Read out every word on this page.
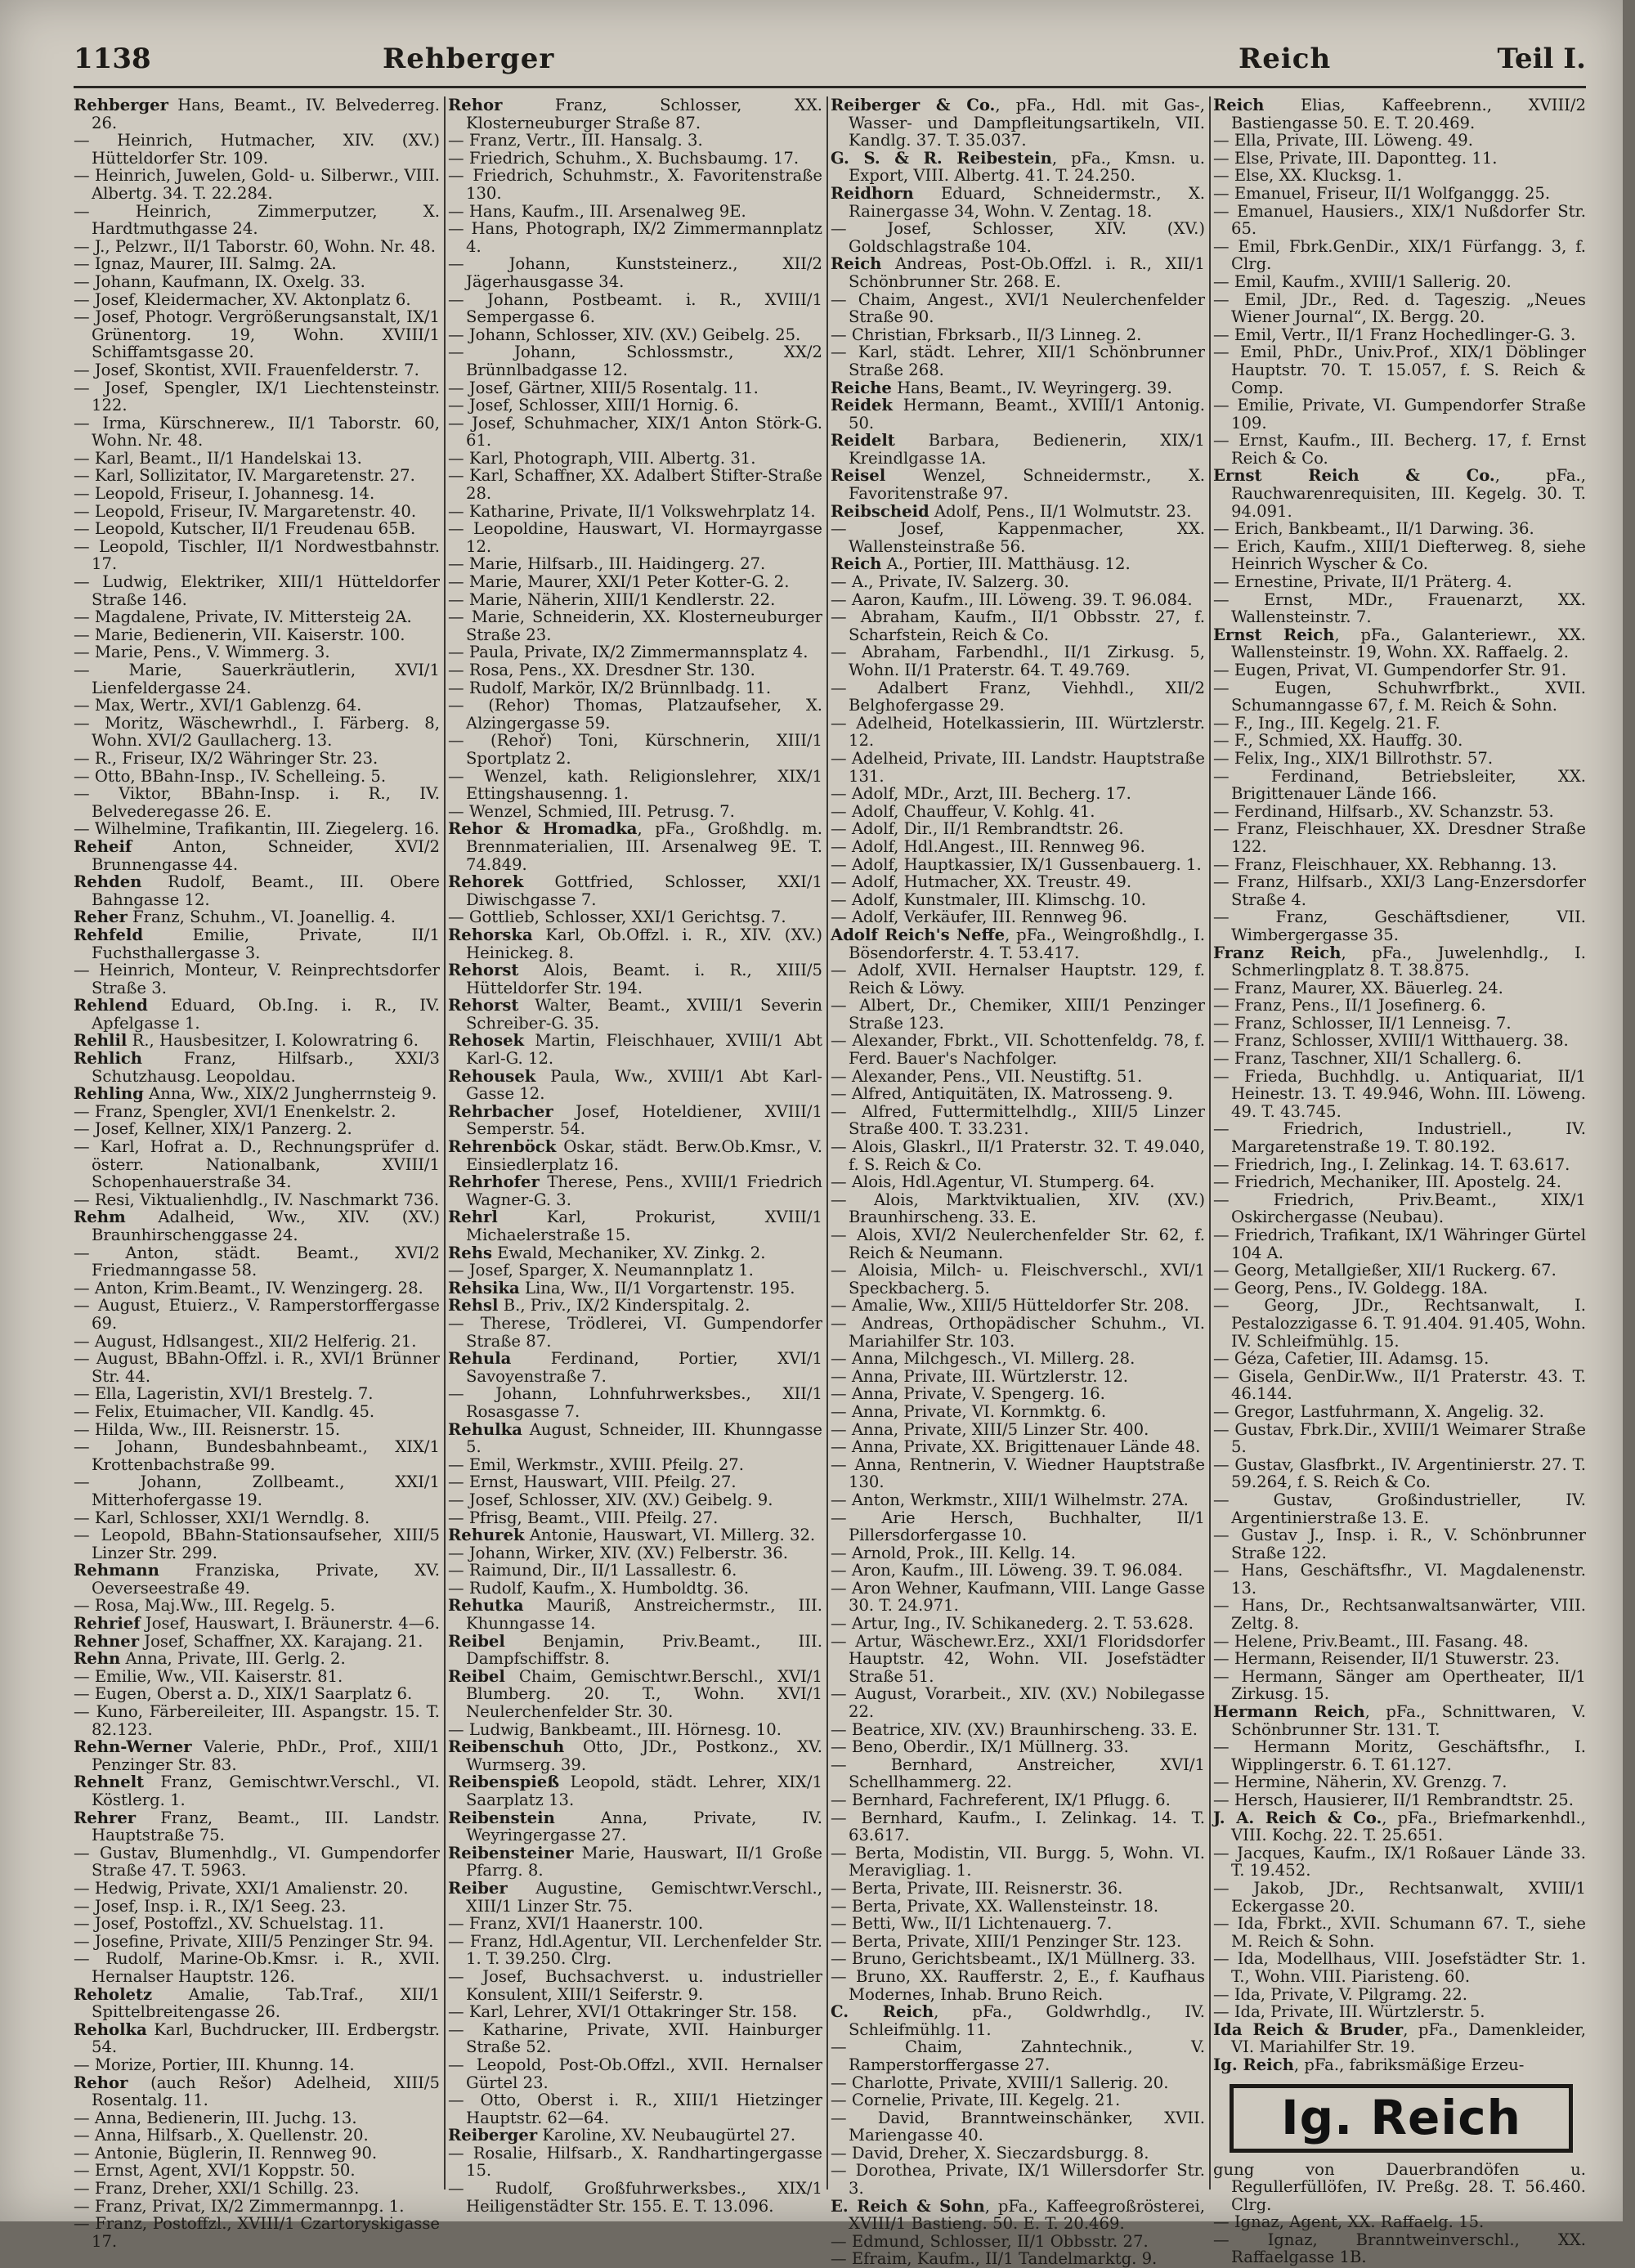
1138	Rehberger	Reich	Teil I.

Rehberger Hans, Beamt., IV. Belvederreg. 26.

— Heinrich, Hutmacher, XIV. (XV.) Hütteldorfer Str. 109.

— Heinrich, Juwelen, Gold- u. Silberwr., VIII. Albertg. 34. T. 22.284.

— Heinrich, Zimmerputzer, X. Hardtmuthgasse 24.

— J., Pelzwr., II/1 Taborstr. 60, Wohn. Nr. 48.

— Ignaz, Maurer, III. Salmg. 2A.

— Johann, Kaufmann, IX. Oxelg. 33.

— Josef, Kleidermacher, XV. Aktonplatz 6.

— Josef, Photogr. Vergrößerungsanstalt, IX/1 Grünentorg. 19, Wohn. XVIII/1 Schiffamtsgasse 20.

— Josef, Skontist, XVII. Frauenfelderstr. 7.

— Josef, Spengler, IX/1 Liechtensteinstr. 122.

— Irma, Kürschnerew., II/1 Taborstr. 60, Wohn. Nr. 48.

— Karl, Beamt., II/1 Handelskai 13.

— Karl, Sollizitator, IV. Margaretenstr. 27.

— Leopold, Friseur, I. Johannesg. 14.

— Leopold, Friseur, IV. Margaretenstr. 40.

— Leopold, Kutscher, II/1 Freudenau 65B.

— Leopold, Tischler, II/1 Nordwestbahnstr. 17.

— Ludwig, Elektriker, XIII/1 Hütteldorfer Straße 146.

— Magdalene, Private, IV. Mittersteig 2A.

— Marie, Bedienerin, VII. Kaiserstr. 100.

— Marie, Pens., V. Wimmerg. 3.

— Marie, Sauerkräutlerin, XVI/1 Lienfeldergasse 24.

— Max, Wertr., XVI/1 Gablenzg. 64.

— Moritz, Wäschewrhdl., I. Färberg. 8, Wohn. XVI/2 Gaullacherg. 13.

— R., Friseur, IX/2 Währinger Str. 23.

— Otto, BBahn-Insp., IV. Schelleing. 5.

— Viktor, BBahn-Insp. i. R., IV. Belvederegasse 26. E.

— Wilhelmine, Trafikantin, III. Ziegelerg. 16.

Reheif Anton, Schneider, XVI/2 Brunnengasse 44.

Rehden Rudolf, Beamt., III. Obere Bahngasse 12.

Reher Franz, Schuhm., VI. Joanellig. 4.

Rehfeld Emilie, Private, II/1 Fuchsthallergasse 3.

— Heinrich, Monteur, V. Reinprechtsdorfer Straße 3.

Rehlend Eduard, Ob.Ing. i. R., IV. Apfelgasse 1.

Rehlil R., Hausbesitzer, I. Kolowratring 6.

Rehlich Franz, Hilfsarb., XXI/3 Schutzhausg. Leopoldau.

Rehling Anna, Ww., XIX/2 Jungherrnsteig 9.

— Franz, Spengler, XVI/1 Enenkelstr. 2.

— Josef, Kellner, XIX/1 Panzerg. 2.

— Karl, Hofrat a. D., Rechnungsprüfer d. österr. Nationalbank, XVIII/1 Schopenhauerstraße 34.

— Resi, Viktualienhdlg., IV. Naschmarkt 736.

Rehm Adalheid, Ww., XIV. (XV.) Braunhirschenggasse 24.

— Anton, städt. Beamt., XVI/2 Friedmanngasse 58.

— Anton, Krim.Beamt., IV. Wenzingerg. 28.

— August, Etuierz., V. Ramperstorffergasse 69.

— August, Hdlsangest., XII/2 Helferig. 21.

— August, BBahn-Offzl. i. R., XVI/1 Brünner Str. 44.

— Ella, Lageristin, XVI/1 Brestelg. 7.

— Felix, Etuimacher, VII. Kandlg. 45.

— Hilda, Ww., III. Reisnerstr. 15.

— Johann, Bundesbahnbeamt., XIX/1 Krottenbachstraße 99.

— Johann, Zollbeamt., XXI/1 Mitterhofergasse 19.

— Karl, Schlosser, XXI/1 Werndlg. 8.

— Leopold, BBahn-Stationsaufseher, XIII/5 Linzer Str. 299.

Rehmann Franziska, Private, XV. Oeverseestraße 49.

— Rosa, Maj.Ww., III. Regelg. 5.

Rehrief Josef, Hauswart, I. Bräunerstr. 4—6.

Rehner Josef, Schaffner, XX. Karajang. 21.

Rehn Anna, Private, III. Gerlg. 2.

— Emilie, Ww., VII. Kaiserstr. 81.

— Eugen, Oberst a. D., XIX/1 Saarplatz 6.

— Kuno, Färbereileiter, III. Aspangstr. 15. T. 82.123.

Rehn-Werner Valerie, PhDr., Prof., XIII/1 Penzinger Str. 83.

Rehnelt Franz, Gemischtwr.Verschl., VI. Köstlerg. 1.

Rehrer Franz, Beamt., III. Landstr. Hauptstraße 75.

— Gustav, Blumenhdlg., VI. Gumpendorfer Straße 47. T. 5963.

— Hedwig, Private, XXI/1 Amalienstr. 20.

— Josef, Insp. i. R., IX/1 Seeg. 23.

— Josef, Postoffzl., XV. Schuelstag. 11.

— Josefine, Private, XIII/5 Penzinger Str. 94.

— Rudolf, Marine-Ob.Kmsr. i. R., XVII. Hernalser Hauptstr. 126.

Reholetz Amalie, Tab.Traf., XII/1 Spittelbreitengasse 26.

Reholka Karl, Buchdrucker, III. Erdbergstr. 54.

— Morize, Portier, III. Khunng. 14.

Rehor (auch Rešor) Adelheid, XIII/5 Rosentalg. 11.

— Anna, Bedienerin, III. Juchg. 13.

— Anna, Hilfsarb., X. Quellenstr. 20.

— Antonie, Büglerin, II. Rennweg 90.

— Ernst, Agent, XVI/1 Koppstr. 50.

— Franz, Dreher, XXI/1 Schillg. 23.

— Franz, Privat, IX/2 Zimmermannpg. 1.

— Franz, Postoffzl., XVIII/1 Czartoryskigasse 17.

Rehor Franz, Schlosser, XX. Klosterneuburger Straße 87.

— Franz, Vertr., III. Hansalg. 3.

— Friedrich, Schuhm., X. Buchsbaumg. 17.

— Friedrich, Schuhmstr., X. Favoritenstraße 130.

— Hans, Kaufm., III. Arsenalweg 9E.

— Hans, Photograph, IX/2 Zimmermannplatz 4.

— Johann, Kunststeinerz., XII/2 Jägerhausgasse 34.

— Johann, Postbeamt. i. R., XVIII/1 Sempergasse 6.

— Johann, Schlosser, XIV. (XV.) Geibelg. 25.

— Johann, Schlossmstr., XX/2 Brünnlbadgasse 12.

— Josef, Gärtner, XIII/5 Rosentalg. 11.

— Josef, Schlosser, XIII/1 Hornig. 6.

— Josef, Schuhmacher, XIX/1 Anton Störk-G. 61.

— Karl, Photograph, VIII. Albertg. 31.

— Karl, Schaffner, XX. Adalbert Stifter-Straße 28.

— Katharine, Private, II/1 Volkswehrplatz 14.

— Leopoldine, Hauswart, VI. Hormayrgasse 12.

— Marie, Hilfsarb., III. Haidingerg. 27.

— Marie, Maurer, XXI/1 Peter Kotter-G. 2.

— Marie, Näherin, XIII/1 Kendlerstr. 22.

— Marie, Schneiderin, XX. Klosterneuburger Straße 23.

— Paula, Private, IX/2 Zimmermannsplatz 4.

— Rosa, Pens., XX. Dresdner Str. 130.

— Rudolf, Markör, IX/2 Brünnlbadg. 11.

— (Rehor) Thomas, Platzaufseher, X. Alzingergasse 59.

— (Rehoř) Toni, Kürschnerin, XIII/1 Sportplatz 2.

— Wenzel, kath. Religionslehrer, XIX/1 Ettingshausenng. 1.

— Wenzel, Schmied, III. Petrusg. 7.

Rehor & Hromadka, pFa., Großhdlg. m. Brennmaterialien, III. Arsenalweg 9E. T. 74.849.

Rehorek Gottfried, Schlosser, XXI/1 Diwischgasse 7.

— Gottlieb, Schlosser, XXI/1 Gerichtsg. 7.

Rehorska Karl, Ob.Offzl. i. R., XIV. (XV.) Heinickeg. 8.

Rehorst Alois, Beamt. i. R., XIII/5 Hütteldorfer Str. 194.

Rehorst Walter, Beamt., XVIII/1 Severin Schreiber-G. 35.

Rehosek Martin, Fleischhauer, XVIII/1 Abt Karl-G. 12.

Rehousek Paula, Ww., XVIII/1 Abt Karl-Gasse 12.

Rehrbacher Josef, Hoteldiener, XVIII/1 Semperstr. 54.

Rehrenböck Oskar, städt. Berw.Ob.Kmsr., V. Einsiedlerplatz 16.

Rehrhofer Therese, Pens., XVIII/1 Friedrich Wagner-G. 3.

Rehrl Karl, Prokurist, XVIII/1 Michaelerstraße 15.

Rehs Ewald, Mechaniker, XV. Zinkg. 2.

— Josef, Sparger, X. Neumannplatz 1.

Rehsika Lina, Ww., II/1 Vorgartenstr. 195.

Rehsl B., Priv., IX/2 Kinderspitalg. 2.

— Therese, Trödlerei, VI. Gumpendorfer Straße 87.

Rehula Ferdinand, Portier, XVI/1 Savoyenstraße 7.

— Johann, Lohnfuhrwerksbes., XII/1 Rosasgasse 7.

Rehulka August, Schneider, III. Khunngasse 5.

— Emil, Werkmstr., XVIII. Pfeilg. 27.

— Ernst, Hauswart, VIII. Pfeilg. 27.

— Josef, Schlosser, XIV. (XV.) Geibelg. 9.

— Pfrisg, Beamt., VIII. Pfeilg. 27.

Rehurek Antonie, Hauswart, VI. Millerg. 32.

— Johann, Wirker, XIV. (XV.) Felberstr. 36.

— Raimund, Dir., II/1 Lassallestr. 6.

— Rudolf, Kaufm., X. Humboldtg. 36.

Rehutka Mauriß, Anstreichermstr., III. Khunngasse 14.

Reibel Benjamin, Priv.Beamt., III. Dampfschiffstr. 8.

Reibel Chaim, Gemischtwr.Berschl., XVI/1 Blumberg. 20. T., Wohn. XVI/1 Neulerchenfelder Str. 30.

— Ludwig, Bankbeamt., III. Hörnesg. 10.

Reibenschuh Otto, JDr., Postkonz., XV. Wurmserg. 39.

Reibenspieß Leopold, städt. Lehrer, XIX/1 Saarplatz 13.

Reibenstein Anna, Private, IV. Weyringergasse 27.

Reibensteiner Marie, Hauswart, II/1 Große Pfarrg. 8.

Reiber Augustine, Gemischtwr.Verschl., XIII/1 Linzer Str. 75.

— Franz, XVI/1 Haanerstr. 100.

— Franz, Hdl.Agentur, VII. Lerchenfelder Str. 1. T. 39.250. Clrg.

— Josef, Buchsachverst. u. industrieller Konsulent, XIII/1 Seiferstr. 9.

— Karl, Lehrer, XVI/1 Ottakringer Str. 158.

— Katharine, Private, XVII. Hainburger Straße 52.

— Leopold, Post-Ob.Offzl., XVII. Hernalser Gürtel 23.

— Otto, Oberst i. R., XIII/1 Hietzinger Hauptstr. 62—64.

Reiberger Karoline, XV. Neubaugürtel 27.

— Rosalie, Hilfsarb., X. Randhartingergasse 15.

— Rudolf, Großfuhrwerksbes., XIX/1 Heiligenstädter Str. 155. E. T. 13.096.

Reiberger & Co., pFa., Hdl. mit Gas-, Wasser- und Dampfleitungsartikeln, VII. Kandlg. 37. T. 35.037.

G. S. & R. Reibestein, pFa., Kmsn. u. Export, VIII. Albertg. 41. T. 24.250.

Reidhorn Eduard, Schneidermstr., X. Rainergasse 34, Wohn. V. Zentag. 18.

— Josef, Schlosser, XIV. (XV.) Goldschlagstraße 104.

Reich Andreas, Post-Ob.Offzl. i. R., XII/1 Schönbrunner Str. 268. E.

— Chaim, Angest., XVI/1 Neulerchenfelder Straße 90.

— Christian, Fbrksarb., II/3 Linneg. 2.

— Karl, städt. Lehrer, XII/1 Schönbrunner Straße 268.

Reiche Hans, Beamt., IV. Weyringerg. 39.

Reidek Hermann, Beamt., XVIII/1 Antonig. 50.

Reidelt Barbara, Bedienerin, XIX/1 Kreindlgasse 1A.

Reisel Wenzel, Schneidermstr., X. Favoritenstraße 97.

Reibscheid Adolf, Pens., II/1 Wolmutstr. 23.

— Josef, Kappenmacher, XX. Wallensteinstraße 56.

Reich A., Portier, III. Matthäusg. 12.

— A., Private, IV. Salzerg. 30.

— Aaron, Kaufm., III. Löweng. 39. T. 96.084.

— Abraham, Kaufm., II/1 Obbsstr. 27, f. Scharfstein, Reich & Co.

— Abraham, Farbendhl., II/1 Zirkusg. 5, Wohn. II/1 Praterstr. 64. T. 49.769.

— Adalbert Franz, Viehhdl., XII/2 Belghofergasse 29.

— Adelheid, Hotelkassierin, III. Würtzlerstr. 12.

— Adelheid, Private, III. Landstr. Hauptstraße 131.

— Adolf, MDr., Arzt, III. Becherg. 17.

— Adolf, Chauffeur, V. Kohlg. 41.

— Adolf, Dir., II/1 Rembrandtstr. 26.

— Adolf, Hdl.Angest., III. Rennweg 96.

— Adolf, Hauptkassier, IX/1 Gussenbauerg. 1.

— Adolf, Hutmacher, XX. Treustr. 49.

— Adolf, Kunstmaler, III. Klimschg. 10.

— Adolf, Verkäufer, III. Rennweg 96.

Adolf Reich's Neffe, pFa., Weingroßhdlg., I. Bösendorferstr. 4. T. 53.417.

— Adolf, XVII. Hernalser Hauptstr. 129, f. Reich & Löwy.

— Albert, Dr., Chemiker, XIII/1 Penzinger Straße 123.

— Alexander, Fbrkt., VII. Schottenfeldg. 78, f. Ferd. Bauer's Nachfolger.

— Alexander, Pens., VII. Neustiftg. 51.

— Alfred, Antiquitäten, IX. Matrosseng. 9.

— Alfred, Futtermittelhdlg., XIII/5 Linzer Straße 400. T. 33.231.

— Alois, Glaskrl., II/1 Praterstr. 32. T. 49.040, f. S. Reich & Co.

— Alois, Hdl.Agentur, VI. Stumperg. 64.

— Alois, Marktviktualien, XIV. (XV.) Braunhirscheng. 33. E.

— Alois, XVI/2 Neulerchenfelder Str. 62, f. Reich & Neumann.

— Aloisia, Milch- u. Fleischverschl., XVI/1 Speckbacherg. 5.

— Amalie, Ww., XIII/5 Hütteldorfer Str. 208.

— Andreas, Orthopädischer Schuhm., VI. Mariahilfer Str. 103.

— Anna, Milchgesch., VI. Millerg. 28.

— Anna, Private, III. Würtzlerstr. 12.

— Anna, Private, V. Spengerg. 16.

— Anna, Private, VI. Kornmktg. 6.

— Anna, Private, XIII/5 Linzer Str. 400.

— Anna, Private, XX. Brigittenauer Lände 48.

— Anna, Rentnerin, V. Wiedner Hauptstraße 130.

— Anton, Werkmstr., XIII/1 Wilhelmstr. 27A.

— Arie Hersch, Buchhalter, II/1 Pillersdorfergasse 10.

— Arnold, Prok., III. Kellg. 14.

— Aron, Kaufm., III. Löweng. 39. T. 96.084.

— Aron Wehner, Kaufmann, VIII. Lange Gasse 30. T. 24.971.

— Artur, Ing., IV. Schikanederg. 2. T. 53.628.

— Artur, Wäschewr.Erz., XXI/1 Floridsdorfer Hauptstr. 42, Wohn. VII. Josefstädter Straße 51.

— August, Vorarbeit., XIV. (XV.) Nobilegasse 22.

— Beatrice, XIV. (XV.) Braunhirscheng. 33. E.

— Beno, Oberdir., IX/1 Müllnerg. 33.

— Bernhard, Anstreicher, XVI/1 Schellhammerg. 22.

— Bernhard, Fachreferent, IX/1 Pflugg. 6.

— Bernhard, Kaufm., I. Zelinkag. 14. T. 63.617.

— Berta, Modistin, VII. Burgg. 5, Wohn. VI. Meravigliag. 1.

— Berta, Private, III. Reisnerstr. 36.

— Berta, Private, XX. Wallensteinstr. 18.

— Betti, Ww., II/1 Lichtenauerg. 7.

— Berta, Private, XIII/1 Penzinger Str. 123.

— Bruno, Gerichtsbeamt., IX/1 Müllnerg. 33.

— Bruno, XX. Raufferstr. 2, E., f. Kaufhaus Modernes, Inhab. Bruno Reich.

C. Reich, pFa., Goldwrhdlg., IV. Schleifmühlg. 11.

— Chaim, Zahntechnik., V. Ramperstorffergasse 27.

— Charlotte, Private, XVIII/1 Sallerig. 20.

— Cornelie, Private, III. Kegelg. 21.

— David, Branntweinschänker, XVII. Mariengasse 40.

— David, Dreher, X. Sieczardsburgg. 8.

— Dorothea, Private, IX/1 Willersdorfer Str. 3.

E. Reich & Sohn, pFa., Kaffeegroßrösterei, XVIII/1 Bastieng. 50. E. T. 20.469.

— Edmund, Schlosser, II/1 Obbsstr. 27.

— Efraim, Kaufm., II/1 Tandelmarktg. 9.

Reich Elias, Kaffeebrenn., XVIII/2 Bastiengasse 50. E. T. 20.469.

— Ella, Private, III. Löweng. 49.

— Else, Private, III. Dapontteg. 11.

— Else, XX. Klucksg. 1.

— Emanuel, Friseur, II/1 Wolfganggg. 25.

— Emanuel, Hausiers., XIX/1 Nußdorfer Str. 65.

— Emil, Fbrk.GenDir., XIX/1 Fürfangg. 3, f. Clrg.

— Emil, Kaufm., XVIII/1 Sallerig. 20.

— Emil, JDr., Red. d. Tageszig. „Neues Wiener Journal“, IX. Bergg. 20.

— Emil, Vertr., II/1 Franz Hochedlinger-G. 3.

— Emil, PhDr., Univ.Prof., XIX/1 Döblinger Hauptstr. 70. T. 15.057, f. S. Reich & Comp.

— Emilie, Private, VI. Gumpendorfer Straße 109.

— Ernst, Kaufm., III. Becherg. 17, f. Ernst Reich & Co.

Ernst Reich & Co., pFa., Rauchwarenrequisiten, III. Kegelg. 30. T. 94.091.

— Erich, Bankbeamt., II/1 Darwing. 36.

— Erich, Kaufm., XIII/1 Diefterweg. 8, siehe Heinrich Wyscher & Co.

— Ernestine, Private, II/1 Präterg. 4.

— Ernst, MDr., Frauenarzt, XX. Wallensteinstr. 7.

Ernst Reich, pFa., Galanteriewr., XX. Wallensteinstr. 19, Wohn. XX. Raffaelg. 2.

— Eugen, Privat, VI. Gumpendorfer Str. 91.

— Eugen, Schuhwrfbrkt., XVII. Schumanngasse 67, f. M. Reich & Sohn.

— F., Ing., III. Kegelg. 21. F.

— F., Schmied, XX. Hauffg. 30.

— Felix, Ing., XIX/1 Billrothstr. 57.

— Ferdinand, Betriebsleiter, XX. Brigittenauer Lände 166.

— Ferdinand, Hilfsarb., XV. Schanzstr. 53.

— Franz, Fleischhauer, XX. Dresdner Straße 122.

— Franz, Fleischhauer, XX. Rebhanng. 13.

— Franz, Hilfsarb., XXI/3 Lang-Enzersdorfer Straße 4.

— Franz, Geschäftsdiener, VII. Wimbergergasse 35.

Franz Reich, pFa., Juwelenhdlg., I. Schmerlingplatz 8. T. 38.875.

— Franz, Maurer, XX. Bäuerleg. 24.

— Franz, Pens., II/1 Josefinerg. 6.

— Franz, Schlosser, II/1 Lenneisg. 7.

— Franz, Schlosser, XVIII/1 Witthauerg. 38.

— Franz, Taschner, XII/1 Schallerg. 6.

— Frieda, Buchhdlg. u. Antiquariat, II/1 Heinestr. 13. T. 49.946, Wohn. III. Löweng. 49. T. 43.745.

— Friedrich, Industriell., IV. Margaretenstraße 19. T. 80.192.

— Friedrich, Ing., I. Zelinkag. 14. T. 63.617.

— Friedrich, Mechaniker, III. Apostelg. 24.

— Friedrich, Priv.Beamt., XIX/1 Oskirchergasse (Neubau).

— Friedrich, Trafikant, IX/1 Währinger Gürtel 104 A.

— Georg, Metallgießer, XII/1 Ruckerg. 67.

— Georg, Pens., IV. Goldegg. 18A.

— Georg, JDr., Rechtsanwalt, I. Pestalozzigasse 6. T. 91.404. 91.405, Wohn. IV. Schleifmühlg. 15.

— Géza, Cafetier, III. Adamsg. 15.

— Gisela, GenDir.Ww., II/1 Praterstr. 43. T. 46.144.

— Gregor, Lastfuhrmann, X. Angelig. 32.

— Gustav, Fbrk.Dir., XVIII/1 Weimarer Straße 5.

— Gustav, Glasfbrkt., IV. Argentinierstr. 27. T. 59.264, f. S. Reich & Co.

— Gustav, Großindustrieller, IV. Argentinierstraße 13. E.

— Gustav J., Insp. i. R., V. Schönbrunner Straße 122.

— Hans, Geschäftsfhr., VI. Magdalenenstr. 13.

— Hans, Dr., Rechtsanwaltsanwärter, VIII. Zeltg. 8.

— Helene, Priv.Beamt., III. Fasang. 48.

— Hermann, Reisender, II/1 Stuwerstr. 23.

— Hermann, Sänger am Opertheater, II/1 Zirkusg. 15.

Hermann Reich, pFa., Schnittwaren, V. Schönbrunner Str. 131. T.

— Hermann Moritz, Geschäftsfhr., I. Wipplingerstr. 6. T. 61.127.

— Hermine, Näherin, XV. Grenzg. 7.

— Hersch, Hausierer, II/1 Rembrandtstr. 25.

J. A. Reich & Co., pFa., Briefmarkenhdl., VIII. Kochg. 22. T. 25.651.

— Jacques, Kaufm., IX/1 Roßauer Lände 33. T. 19.452.

— Jakob, JDr., Rechtsanwalt, XVIII/1 Eckergasse 20.

— Ida, Fbrkt., XVII. Schumann 67. T., siehe M. Reich & Sohn.

— Ida, Modellhaus, VIII. Josefstädter Str. 1. T., Wohn. VIII. Piaristeng. 60.

— Ida, Private, V. Pilgramg. 22.

— Ida, Private, III. Würtzlerstr. 5.

Ida Reich & Bruder, pFa., Damenkleider, VI. Mariahilfer Str. 19.

Ig. Reich, pFa., fabriksmäßige Erzeu-

Ig. Reich

gung von Dauerbrandöfen u. Regullerfüllöfen, IV. Preßg. 28. T. 56.460. Clrg.

— Ignaz, Agent, XX. Raffaelg. 15.

— Ignaz, Branntweinverschl., XX. Raffaelgasse 1B.
